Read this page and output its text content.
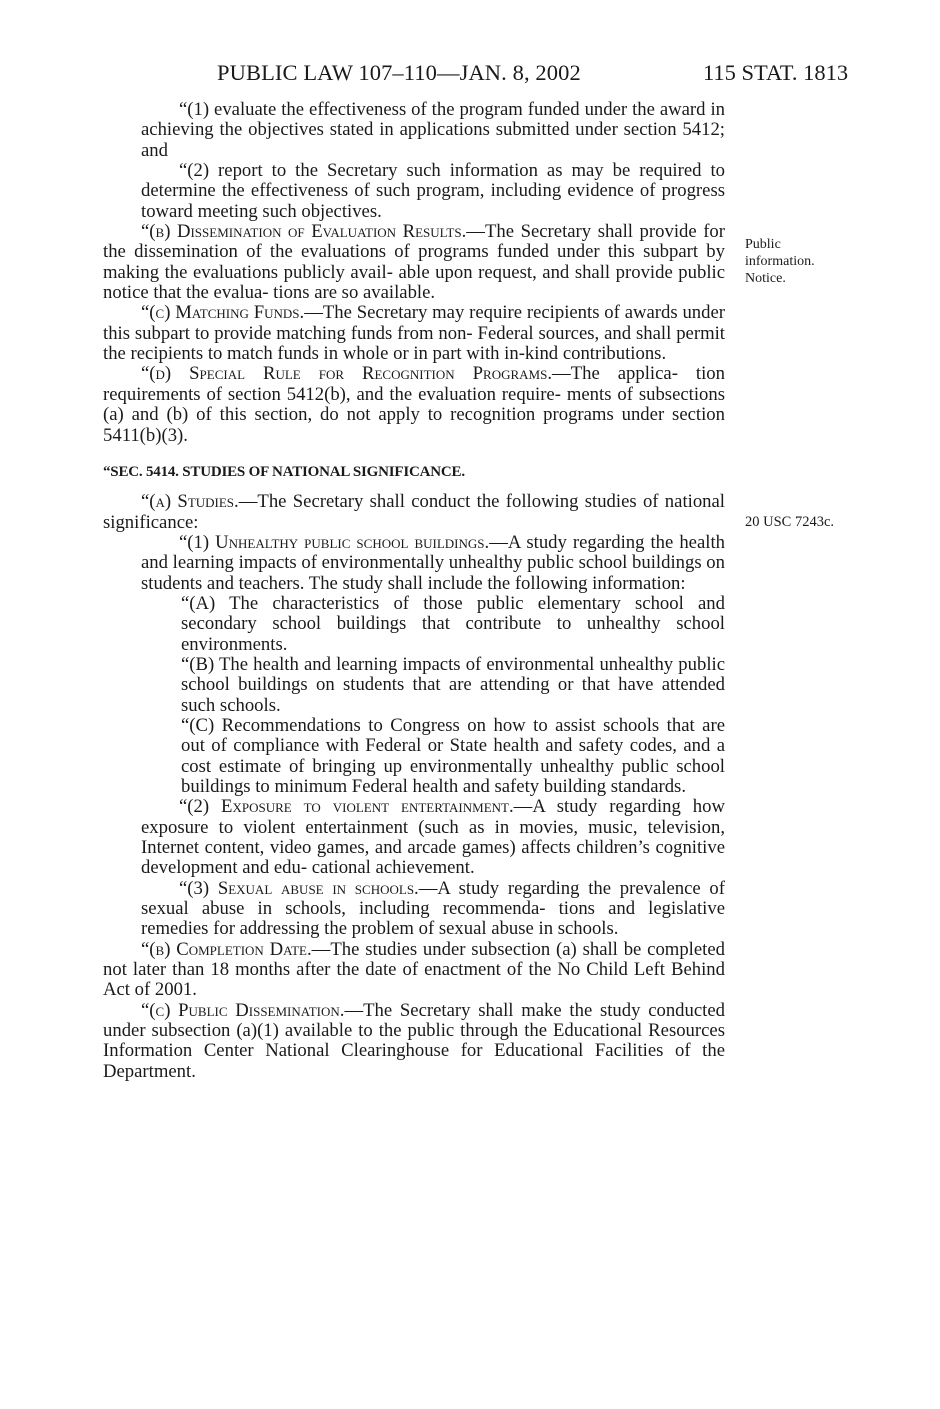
PUBLIC LAW 107–110—JAN. 8, 2002	115 STAT. 1813
Public
information.
Notice.
20 USC 7243c.

“(1) evaluate the effectiveness of the program funded under the award in achieving the objectives stated in applications submitted under section 5412; and

“(2) report to the Secretary such information as may be required to determine the effectiveness of such program, including evidence of progress toward meeting such objectives.

“(b) Dissemination of Evaluation Results.—The Secretary shall provide for the dissemination of the evaluations of programs funded under this subpart by making the evaluations publicly avail- able upon request, and shall provide public notice that the evalua- tions are so available.

“(c) Matching Funds.—The Secretary may require recipients of awards under this subpart to provide matching funds from non- Federal sources, and shall permit the recipients to match funds in whole or in part with in-kind contributions.

“(d) Special Rule for Recognition Programs.—The applica- tion requirements of section 5412(b), and the evaluation require- ments of subsections (a) and (b) of this section, do not apply to recognition programs under section 5411(b)(3).

“SEC. 5414. STUDIES OF NATIONAL SIGNIFICANCE.

“(a) Studies.—The Secretary shall conduct the following studies of national significance:

“(1) Unhealthy public school buildings.—A study regarding the health and learning impacts of environmentally unhealthy public school buildings on students and teachers. The study shall include the following information:

“(A) The characteristics of those public elementary school and secondary school buildings that contribute to unhealthy school environments.

“(B) The health and learning impacts of environmental unhealthy public school buildings on students that are attending or that have attended such schools.

“(C) Recommendations to Congress on how to assist schools that are out of compliance with Federal or State health and safety codes, and a cost estimate of bringing up environmentally unhealthy public school buildings to minimum Federal health and safety building standards.

“(2) Exposure to violent entertainment.—A study regarding how exposure to violent entertainment (such as in movies, music, television, Internet content, video games, and arcade games) affects children’s cognitive development and edu- cational achievement.

“(3) Sexual abuse in schools.—A study regarding the prevalence of sexual abuse in schools, including recommenda- tions and legislative remedies for addressing the problem of sexual abuse in schools.

“(b) Completion Date.—The studies under subsection (a) shall be completed not later than 18 months after the date of enactment of the No Child Left Behind Act of 2001.

“(c) Public Dissemination.—The Secretary shall make the study conducted under subsection (a)(1) available to the public through the Educational Resources Information Center National Clearinghouse for Educational Facilities of the Department.
